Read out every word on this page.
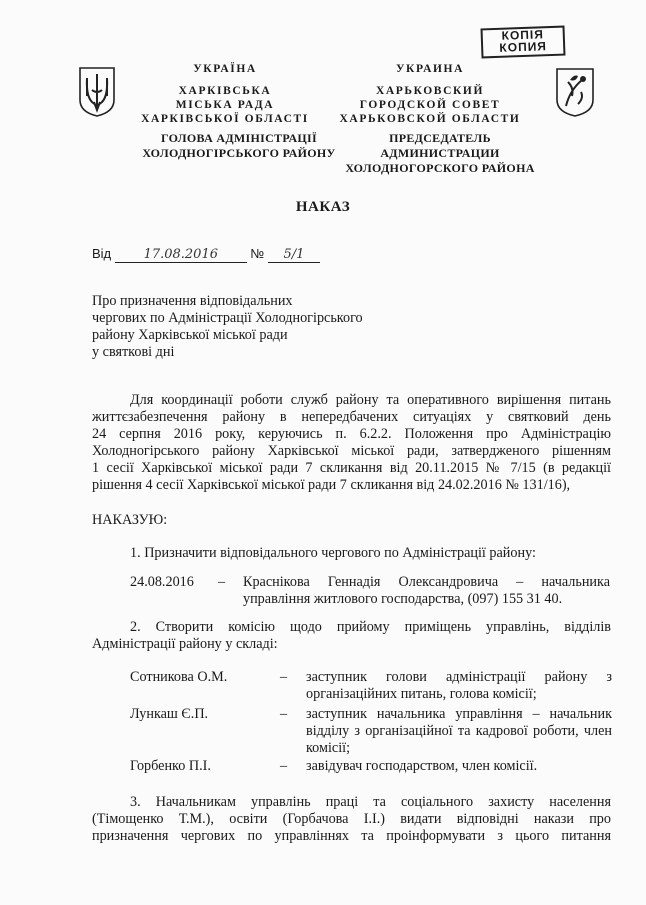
КОПІЯ
КОПИЯ
УКРАЇНА
ХАРКІВСЬКА
МІСЬКА РАДА
ХАРКІВСЬКОЇ ОБЛАСТІ
УКРАИНА
ХАРЬКОВСКИЙ
ГОРОДСКОЙ СОВЕТ
ХАРЬКОВСКОЙ ОБЛАСТИ
ГОЛОВА АДМІНІСТРАЦІЇ
ХОЛОДНОГІРСЬКОГО РАЙОНУ
ПРЕДСЕДАТЕЛЬ АДМИНИСТРАЦИИ
ХОЛОДНОГОРСКОГО РАЙОНА
НАКАЗ
Від 17.08.2016 № 5/1
Про призначення відповідальних
чергових по Адміністрації Холодногірського
району Харківської міської ради
у святкові дні
Для координації роботи служб району та оперативного вирішення питань
життєзабезпечення району в непередбачених ситуаціях у святковий день
24 серпня 2016 року, керуючись п. 6.2.2. Положення про Адміністрацію
Холодногірського району Харківської міської ради, затвердженого рішенням
1 сесії Харківської міської ради 7 скликання від 20.11.2015 № 7/15 (в редакції
рішення 4 сесії Харківської міської ради 7 скликання від 24.02.2016 № 131/16),
НАКАЗУЮ:
1. Призначити відповідального чергового по Адміністрації району:
24.08.2016 – Краснікова Геннадія Олександровича – начальника
управління житлового господарства, (097) 155 31 40.
2. Створити комісію щодо прийому приміщень управлінь, відділів
Адміністрації району у складі:
Сотникова О.М.	– заступник голови адміністрації району з
організаційних питань, голова комісії;
Лункаш Є.П.	– заступник начальника управління – начальник
відділу з організаційної та кадрової роботи, член
комісії;
Горбенко П.І.	– завідувач господарством, член комісії.
3. Начальникам управлінь праці та соціального захисту населення
(Тімощенко Т.М.), освіти (Горбачова І.І.) видати відповідні накази про
призначення чергових по управліннях та проінформувати з цього питання
